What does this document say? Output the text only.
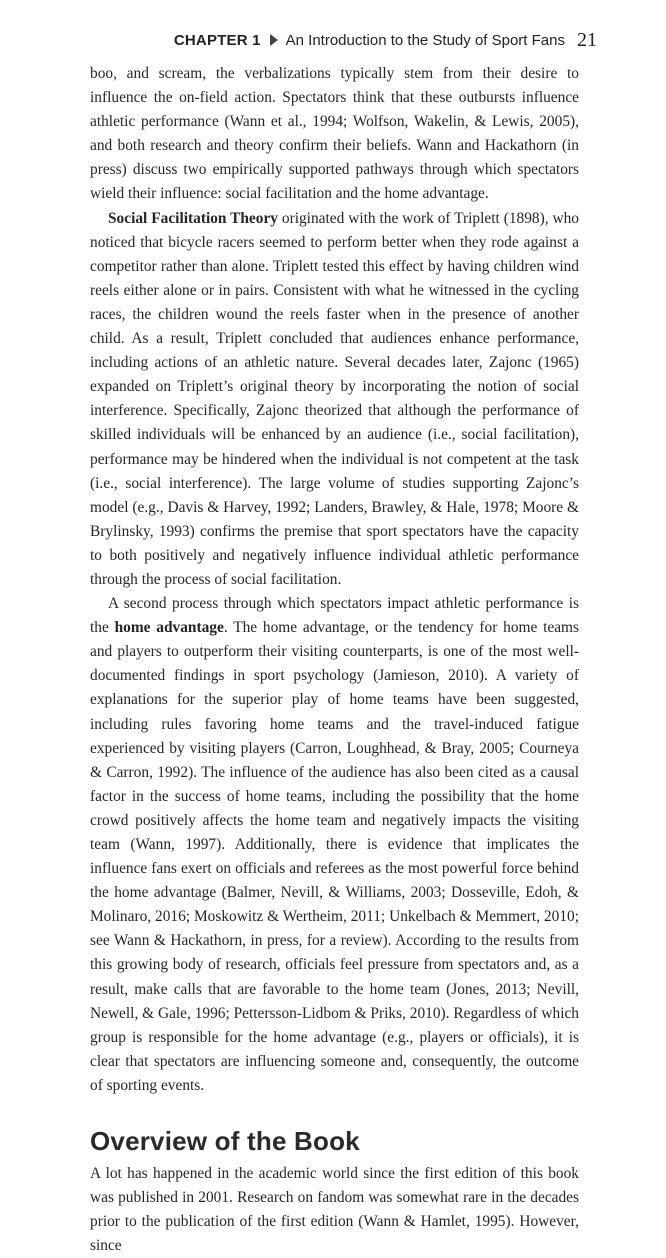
CHAPTER 1 An Introduction to the Study of Sport Fans 21

boo, and scream, the verbalizations typically stem from their desire to influence the on-field action. Spectators think that these outbursts influence athletic performance (Wann et al., 1994; Wolfson, Wakelin, & Lewis, 2005), and both research and theory confirm their beliefs. Wann and Hackathorn (in press) discuss two empirically supported pathways through which spectators wield their influence: social facilitation and the home advantage.

Social Facilitation Theory originated with the work of Triplett (1898), who noticed that bicycle racers seemed to perform better when they rode against a competitor rather than alone. Triplett tested this effect by having children wind reels either alone or in pairs. Consistent with what he witnessed in the cycling races, the children wound the reels faster when in the presence of another child. As a result, Triplett concluded that audiences enhance performance, including actions of an athletic nature. Several decades later, Zajonc (1965) expanded on Triplett’s original theory by incorporating the notion of social interference. Specifically, Zajonc theorized that although the performance of skilled individuals will be enhanced by an audience (i.e., social facilitation), performance may be hindered when the individual is not competent at the task (i.e., social interference). The large volume of studies supporting Zajonc’s model (e.g., Davis & Harvey, 1992; Landers, Brawley, & Hale, 1978; Moore & Brylinsky, 1993) confirms the premise that sport spectators have the capacity to both positively and negatively influence individual athletic performance through the process of social facilitation.

A second process through which spectators impact athletic performance is the home advantage. The home advantage, or the tendency for home teams and players to outperform their visiting counterparts, is one of the most well-documented findings in sport psychology (Jamieson, 2010). A variety of explanations for the superior play of home teams have been suggested, including rules favoring home teams and the travel-induced fatigue experienced by visiting players (Carron, Loughhead, & Bray, 2005; Courneya & Carron, 1992). The influence of the audience has also been cited as a causal factor in the success of home teams, including the possibility that the home crowd positively affects the home team and negatively impacts the visiting team (Wann, 1997). Additionally, there is evidence that implicates the influence fans exert on officials and referees as the most powerful force behind the home advantage (Balmer, Nevill, & Williams, 2003; Dosseville, Edoh, & Molinaro, 2016; Moskowitz & Wertheim, 2011; Unkelbach & Memmert, 2010; see Wann & Hackathorn, in press, for a review). According to the results from this growing body of research, officials feel pressure from spectators and, as a result, make calls that are favorable to the home team (Jones, 2013; Nevill, Newell, & Gale, 1996; Pettersson-Lidbom & Priks, 2010). Regardless of which group is responsible for the home advantage (e.g., players or officials), it is clear that spectators are influencing someone and, consequently, the outcome of sporting events.

Overview of the Book

A lot has happened in the academic world since the first edition of this book was published in 2001. Research on fandom was somewhat rare in the decades prior to the publication of the first edition (Wann & Hamlet, 1995). However, since
